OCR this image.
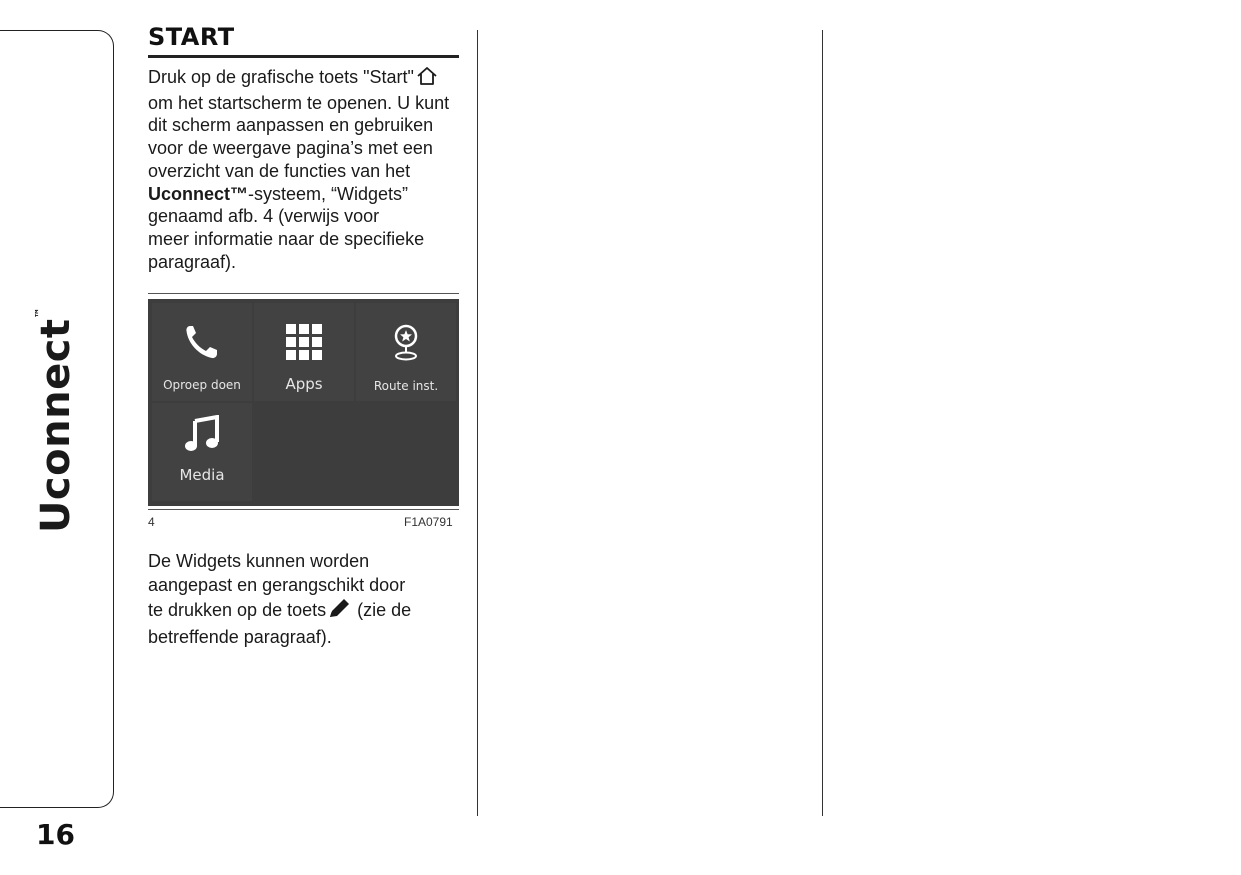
Uconnect™
16
START
Druk op de grafische toets "Start"
om het startscherm te openen. U kunt
dit scherm aanpassen en gebruiken
voor de weergave pagina’s met een
overzicht van de functies van het
Uconnect™-systeem, “Widgets”
genaamd afb. 4 (verwijs voor
meer informatie naar de specifieke
paragraaf).
Oproep doen	Apps	Route inst.
Media
4	F1A0791
De Widgets kunnen worden
aangepast en gerangschikt door
te drukken op de toets (zie de
betreffende paragraaf).
